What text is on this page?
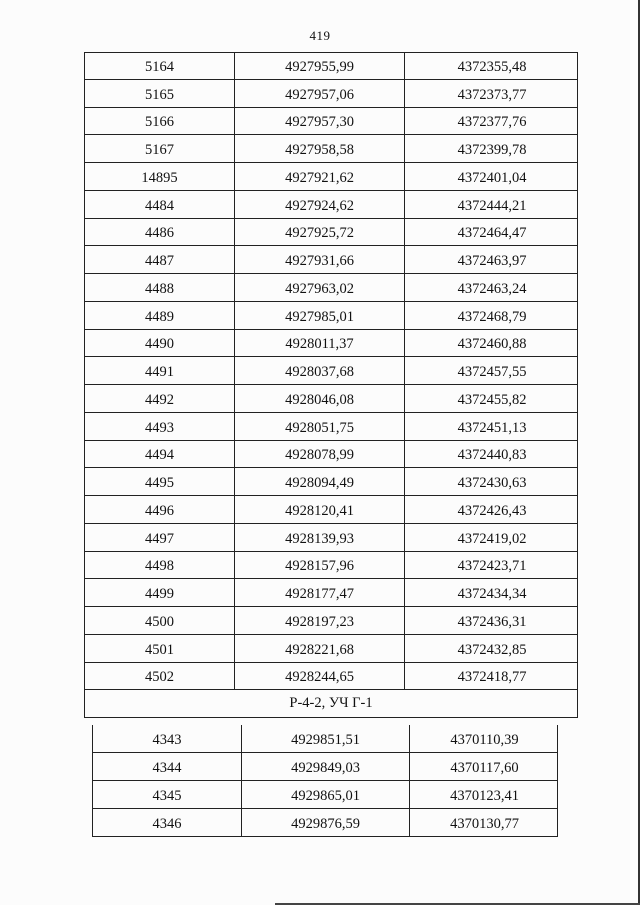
419
5164	4927955,99	4372355,48
5165	4927957,06	4372373,77
5166	4927957,30	4372377,76
5167	4927958,58	4372399,78
14895	4927921,62	4372401,04
4484	4927924,62	4372444,21
4486	4927925,72	4372464,47
4487	4927931,66	4372463,97
4488	4927963,02	4372463,24
4489	4927985,01	4372468,79
4490	4928011,37	4372460,88
4491	4928037,68	4372457,55
4492	4928046,08	4372455,82
4493	4928051,75	4372451,13
4494	4928078,99	4372440,83
4495	4928094,49	4372430,63
4496	4928120,41	4372426,43
4497	4928139,93	4372419,02
4498	4928157,96	4372423,71
4499	4928177,47	4372434,34
4500	4928197,23	4372436,31
4501	4928221,68	4372432,85
4502	4928244,65	4372418,77
Р-4-2, УЧ Г-1
4343	4929851,51	4370110,39
4344	4929849,03	4370117,60
4345	4929865,01	4370123,41
4346	4929876,59	4370130,77
